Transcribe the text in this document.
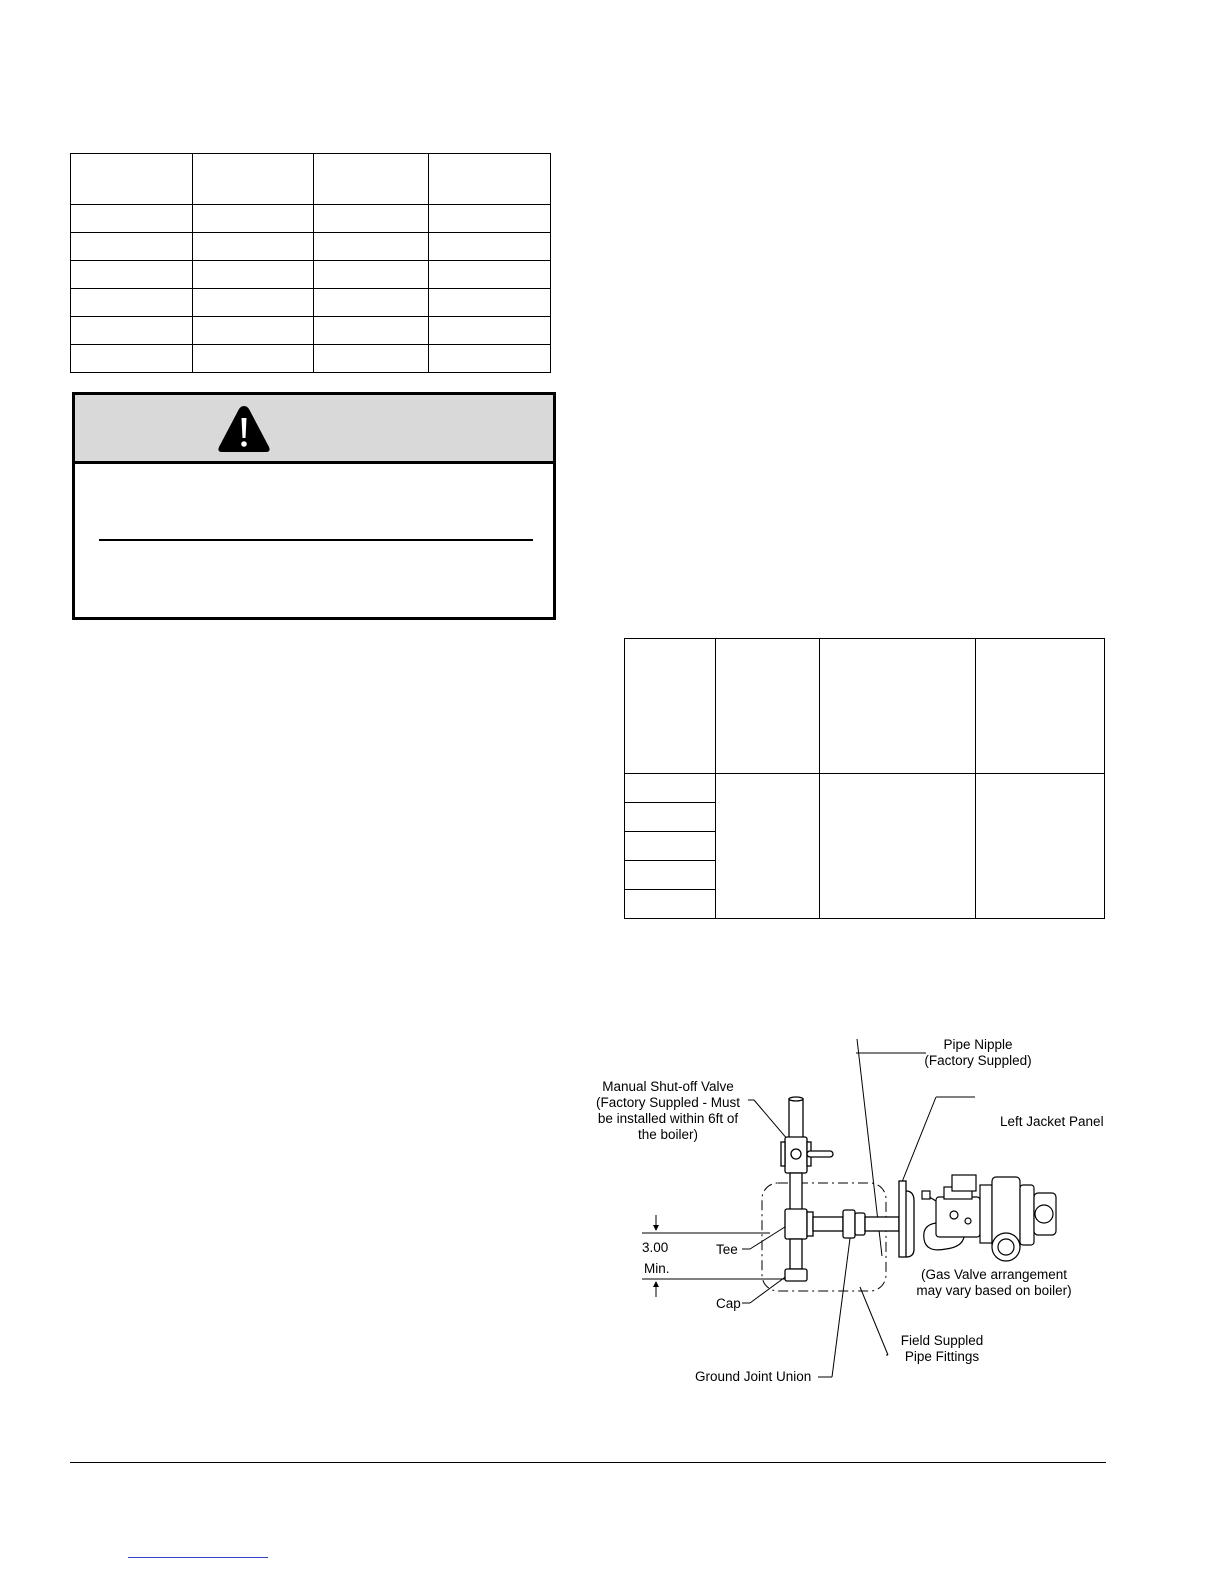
Pipe Nipple
(Factory Suppled)
Manual Shut-off Valve
(Factory Suppled - Must
be installed within 6ft of
the boiler)
Left Jacket Panel
3.00
Min.
Tee
Cap
(Gas Valve arrangement
may vary based on boiler)
Field Suppled
Pipe Fittings
Ground Joint Union
